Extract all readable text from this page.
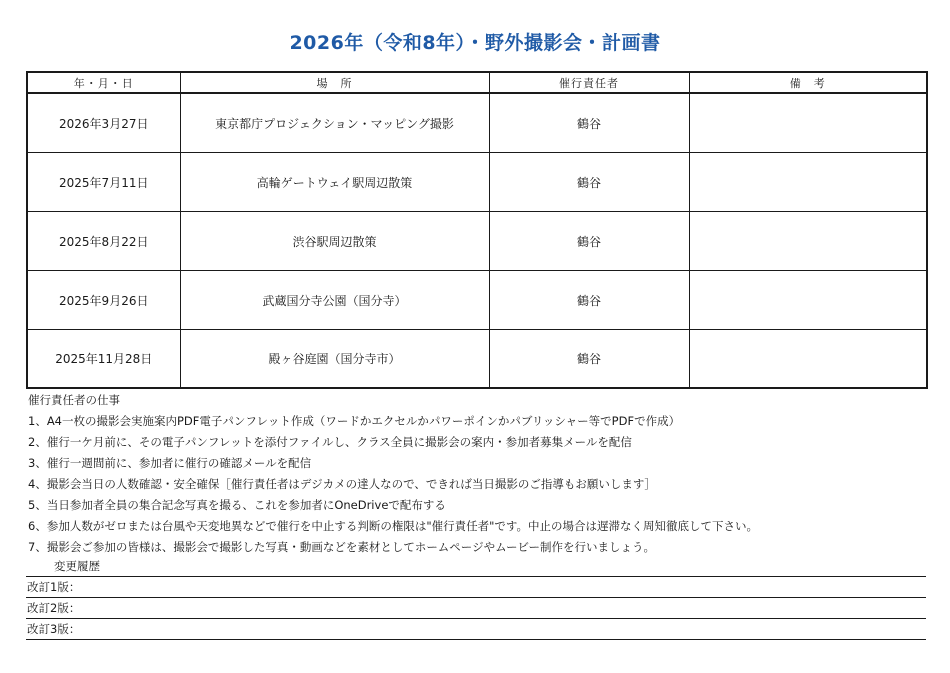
2026年（令和8年）・野外撮影会・計画書
年・月・日	場　所	催行責任者	備　考
2026年3月27日	東京都庁プロジェクション・マッピング撮影	鶴谷	
2025年7月11日	高輪ゲートウェイ駅周辺散策	鶴谷	
2025年8月22日	渋谷駅周辺散策	鶴谷	
2025年9月26日	武蔵国分寺公園（国分寺）	鶴谷	
2025年11月28日	殿ヶ谷庭園（国分寺市）	鶴谷	
催行責任者の仕事
1、A4一枚の撮影会実施案内PDF電子パンフレット作成（ワードかエクセルかパワーポインかパブリッシャー等でPDFで作成）
2、催行一ケ月前に、その電子パンフレットを添付ファイルし、クラス全員に撮影会の案内・参加者募集メールを配信
3、催行一週間前に、参加者に催行の確認メールを配信
4、撮影会当日の人数確認・安全確保［催行責任者はデジカメの達人なので、できれば当日撮影のご指導もお願いします］
5、当日参加者全員の集合記念写真を撮る、これを参加者にOneDriveで配布する
6、参加人数がゼロまたは台風や天変地異などで催行を中止する判断の権限は"催行責任者"です。中止の場合は遅滞なく周知徹底して下さい。
7、撮影会ご参加の皆様は、撮影会で撮影した写真・動画などを素材としてホームページやムービー制作を行いましょう。
変更履歴
改訂1版：
改訂2版：
改訂3版：
